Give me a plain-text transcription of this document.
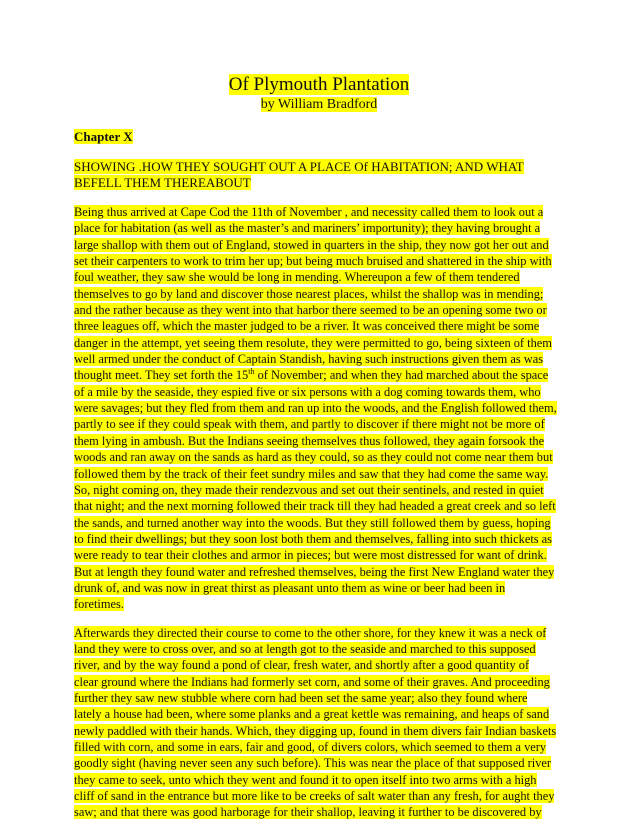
Of Plymouth Plantation

by William Bradford

Chapter X

SHOWING .HOW THEY SOUGHT OUT A PLACE Of HABITATION; AND WHAT
BEFELL THEM THEREABOUT
Being thus arrived at Cape Cod the 11th of November , and necessity called them to look out a
place for habitation (as well as the master’s and mariners’ importunity); they having brought a
large shallop with them out of England, stowed in quarters in the ship, they now got her out and
set their carpenters to work to trim her up; but being much bruised and shattered in the ship with
foul weather, they saw she would be long in mending. Whereupon a few of them tendered
themselves to go by land and discover those nearest places, whilst the shallop was in mending;
and the rather because as they went into that harbor there seemed to be an opening some two or
three leagues off, which the master judged to be a river. It was conceived there might be some
danger in the attempt, yet seeing them resolute, they were permitted to go, being sixteen of them
well armed under the conduct of Captain Standish, having such instructions given them as was
thought meet. They set forth the 15th of November; and when they had marched about the space
of a mile by the seaside, they espied five or six persons with a dog coming towards them, who
were savages; but they fled from them and ran up into the woods, and the English followed them,
partly to see if they could speak with them, and partly to discover if there might not be more of
them lying in ambush. But the Indians seeing themselves thus followed, they again forsook the
woods and ran away on the sands as hard as they could, so as they could not come near them but
followed them by the track of their feet sundry miles and saw that they had come the same way.
So, night coming on, they made their rendezvous and set out their sentinels, and rested in quiet
that night; and the next morning followed their track till they had headed a great creek and so left
the sands, and turned another way into the woods. But they still followed them by guess, hoping
to find their dwellings; but they soon lost both them and themselves, falling into such thickets as
were ready to tear their clothes and armor in pieces; but were most distressed for want of drink.
But at length they found water and refreshed themselves, being the first New England water they
drunk of, and was now in great thirst as pleasant unto them as wine or beer had been in
foretimes.
Afterwards they directed their course to come to the other shore, for they knew it was a neck of
land they were to cross over, and so at length got to the seaside and marched to this supposed
river, and by the way found a pond of clear, fresh water, and shortly after a good quantity of
clear ground where the Indians had formerly set corn, and some of their graves. And proceeding
further they saw new stubble where corn had been set the same year; also they found where
lately a house had been, where some planks and a great kettle was remaining, and heaps of sand
newly paddled with their hands. Which, they digging up, found in them divers fair Indian baskets
filled with corn, and some in ears, fair and good, of divers colors, which seemed to them a very
goodly sight (having never seen any such before). This was near the place of that supposed river
they came to seek, unto which they went and found it to open itself into two arms with a high
cliff of sand in the entrance but more like to be creeks of salt water than any fresh, for aught they
saw; and that there was good harborage for their shallop, leaving it further to be discovered by
